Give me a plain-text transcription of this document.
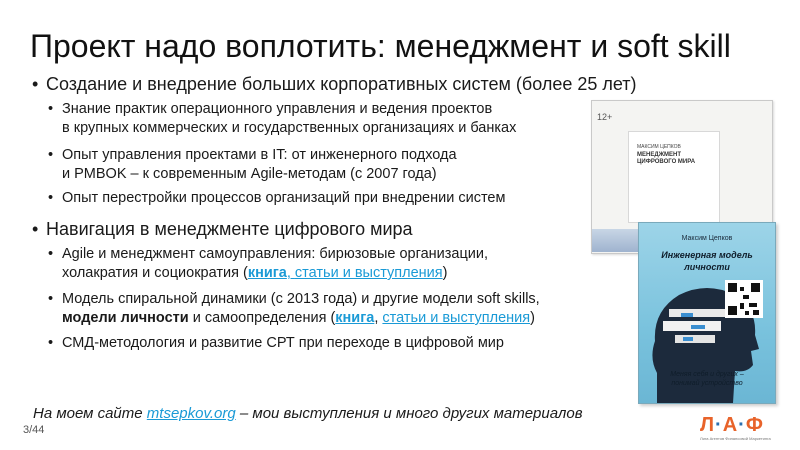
Проект надо воплотить: менеджмент и soft skill
• Создание и внедрение больших корпоративных систем (более 25 лет)
• Знание практик операционного управления и ведения проектов
в крупных коммерческих и государственных организациях и банках
• Опыт управления проектами в IT: от инженерного подхода
и PMBOK – к современным Agile-методам (с 2007 года)
• Опыт перестройки процессов организаций при внедрении систем
• Навигация в менеджменте цифрового мира
• Agile и менеджмент самоуправления: бирюзовые организации,
холакратия и социократия (книга, статьи и выступления)
• Модель спиральной динамики (с 2013 года) и другие модели soft skills,
модели личности и самоопределения (книга, статьи и выступления)
• СМД-методология и развитие СРТ при переходе в цифровой мир
На моем сайте mtsepkov.org – мои выступления и много других материалов
3/44
12+
МАКСИМ ЦЕПКОВ
МЕНЕДЖМЕНТ
ЦИФРОВОГО МИРА
Максим Цепков
Инженерная модель
личности
Меняя себя и других –
понимай устройство
Л·А·Ф
Лига Агентов Финансовой Маркетинга
